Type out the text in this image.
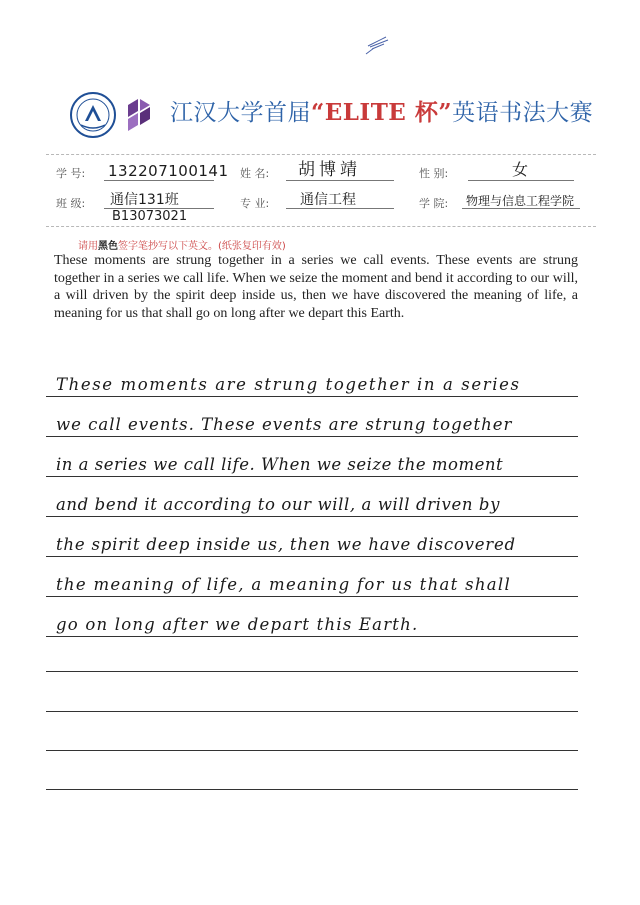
江汉大学首届“ELITE 杯”英语书法大赛
学 号: 132207100141 姓 名: 胡博靖	性 别:	女
班 级: 通信131班
B13073021
专 业: 通信工程	学 院: 物理与信息工程学院
请用黑色签字笔抄写以下英文。(纸张复印有效)

These moments are strung together in a series we call events. These events are strung together in a series we call life. When we seize the moment and bend it according to our will, a will driven by the spirit deep inside us, then we have discovered the meaning of life, a meaning for us that shall go on long after we depart this Earth.

These moments are strung together in a series
we call events. These events are strung together
in a series we call life. When we seize the moment
and bend it according to our will, a will driven by
the spirit deep inside us, then we have discovered
the meaning of life, a meaning for us that shall
go on long after we depart this Earth.
